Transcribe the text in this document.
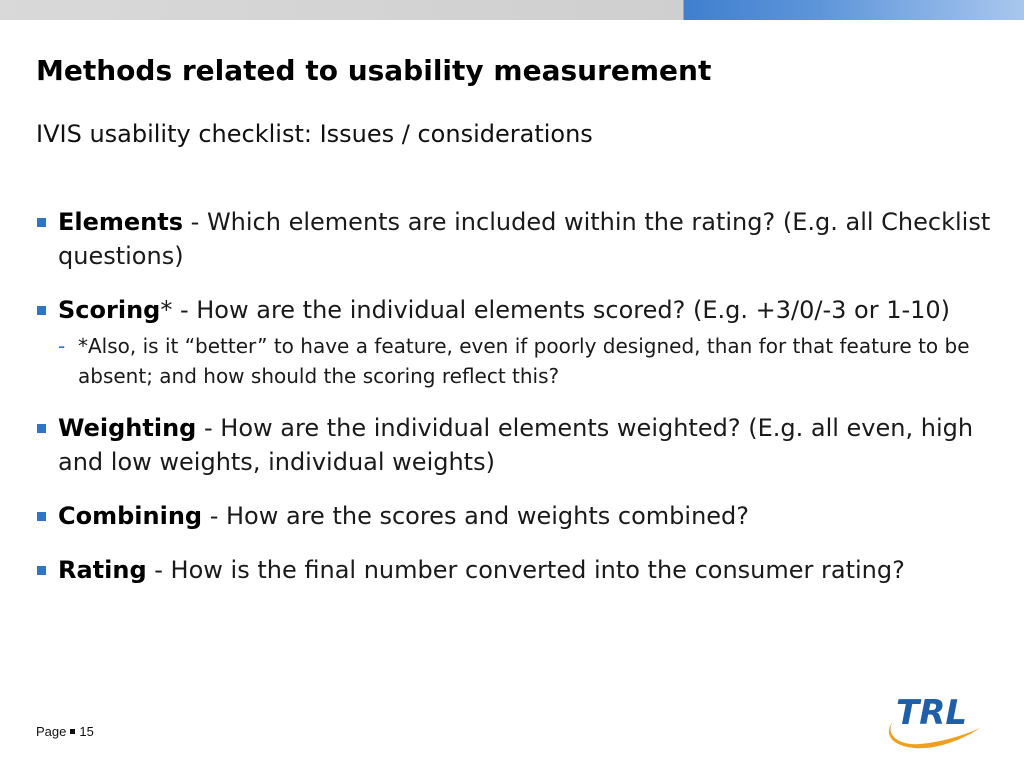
Methods related to usability measurement
IVIS usability checklist: Issues / considerations
Elements - Which elements are included within the rating? (E.g. all Checklist questions)
Scoring* - How are the individual elements scored? (E.g. +3/0/-3 or 1-10)
- *Also, is it “better” to have a feature, even if poorly designed, than for that feature to be absent; and how should the scoring reflect this?
Weighting - How are the individual elements weighted? (E.g. all even, high and low weights, individual weights)
Combining - How are the scores and weights combined?
Rating - How is the final number converted into the consumer rating?
Page 15	TRL
